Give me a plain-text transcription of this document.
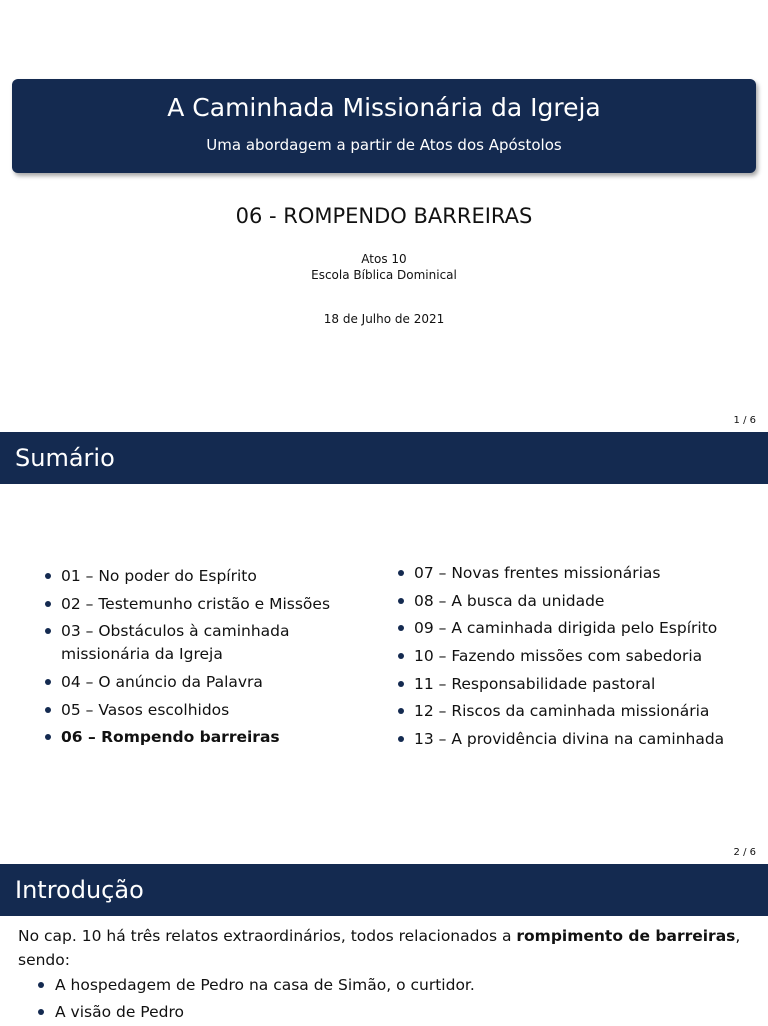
A Caminhada Missionária da Igreja
Uma abordagem a partir de Atos dos Apóstolos
06 - ROMPENDO BARREIRAS
Atos 10
Escola Bíblica Dominical
18 de Julho de 2021
1 / 6
Sumário
01 – No poder do Espírito
02 – Testemunho cristão e Missões
03 – Obstáculos à caminhada missionária da Igreja
04 – O anúncio da Palavra
05 – Vasos escolhidos
06 – Rompendo barreiras
07 – Novas frentes missionárias
08 – A busca da unidade
09 – A caminhada dirigida pelo Espírito
10 – Fazendo missões com sabedoria
11 – Responsabilidade pastoral
12 – Riscos da caminhada missionária
13 – A providência divina na caminhada
2 / 6
Introdução
No cap. 10 há três relatos extraordinários, todos relacionados a rompimento de barreiras, sendo:
A hospedagem de Pedro na casa de Simão, o curtidor.
A visão de Pedro
